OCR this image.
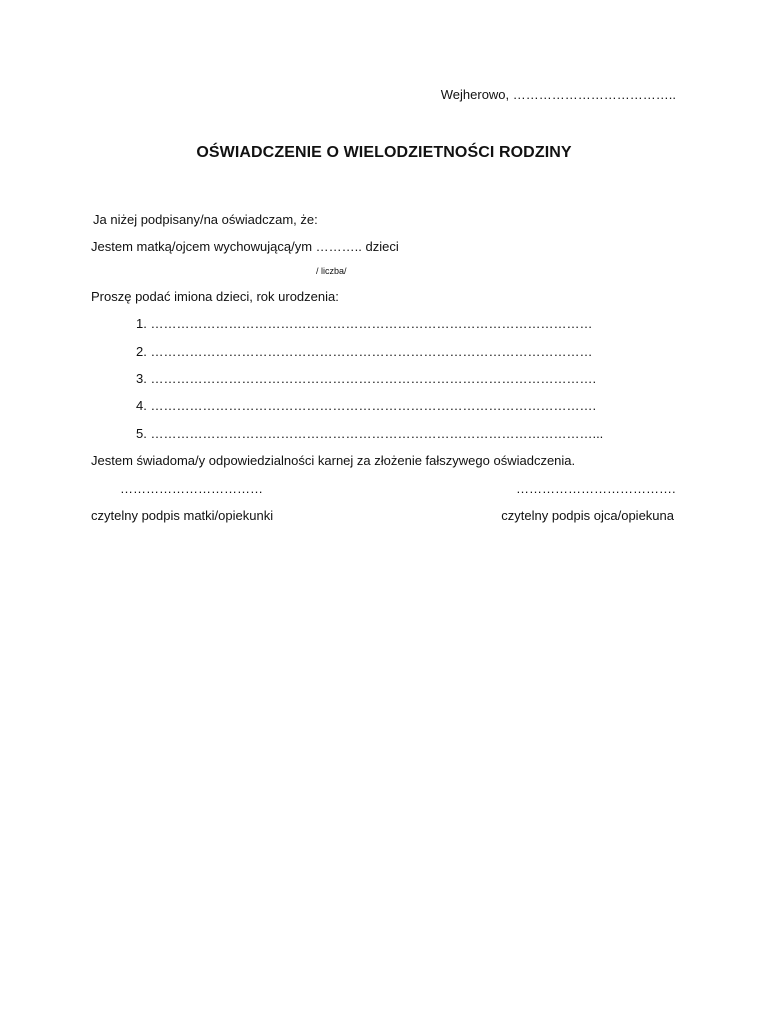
Wejherowo, ………………………………..
OŚWIADCZENIE O WIELODZIETNOŚCI RODZINY
Ja niżej podpisany/na oświadczam, że:
Jestem matką/ojcem wychowującą/ym ……….. dzieci
/ liczba/
Proszę podać imiona dzieci, rok urodzenia:
1. …………………………………………………………………………………………
2. …………………………………………………………………………………………
3. ………………………………………………………………………………………….
4. ………………………………………………………………………………………….
5. …………………………………………………………………………………………...
Jestem świadoma/y odpowiedzialności karnej za złożenie fałszywego oświadczenia.
……………………………	……………………………….
czytelny podpis matki/opiekunki	czytelny podpis ojca/opiekuna
